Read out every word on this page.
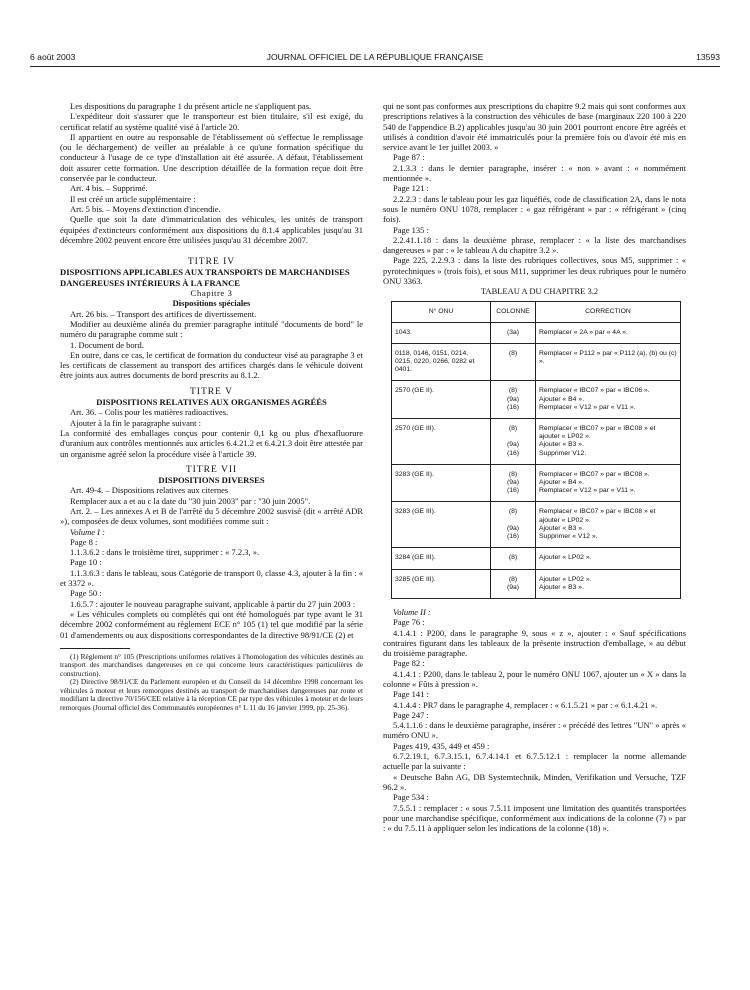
6 août 2003	JOURNAL OFFICIEL DE LA RÉPUBLIQUE FRANÇAISE	13593

Les dispositions du paragraphe 1 du présent article ne s'appliquent pas.

L'expéditeur doit s'assurer que le transporteur est bien titulaire, s'il est exigé, du certificat relatif au système qualité visé à l'article 20.

Il appartient en outre au responsable de l'établissement où s'effectue le remplissage (ou le déchargement) de veiller au préalable à ce qu'une formation spécifique du conducteur à l'usage de ce type d'installation ait été assurée. A défaut, l'établissement doit assurer cette formation. Une description détaillée de la formation reçue doit être conservée par le conducteur.

Art. 4 bis. – Supprimé.

Il est créé un article supplémentaire :

Art. 5 bis. – Moyens d'extinction d'incendie.

Quelle que soit la date d'immatriculation des véhicules, les unités de transport équipées d'extincteurs conformément aux dispositions du 8.1.4 applicables jusqu'au 31 décembre 2002 peuvent encore être utilisées jusqu'au 31 décembre 2007.

TITRE IV

DISPOSITIONS APPLICABLES AUX TRANSPORTS DE MARCHANDISES DANGEREUSES INTÉRIEURS À LA FRANCE

Chapitre 3

Dispositions spéciales

Art. 26 bis. – Transport des artifices de divertissement.

Modifier au deuxième alinéa du premier paragraphe intitulé "documents de bord" le numéro du paragraphe comme suit :

1. Document de bord.

En outre, dans ce cas, le certificat de formation du conducteur visé au paragraphe 3 et les certificats de classement au transport des artifices chargés dans le véhicule doivent être joints aux autres documents de bord prescrits au 8.1.2.

TITRE V

DISPOSITIONS RELATIVES AUX ORGANISMES AGRÉÉS

Art. 36. – Colis pour les matières radioactives.

Ajouter à la fin le paragraphe suivant :

La conformité des emballages conçus pour contenir 0,1 kg ou plus d'hexafluorure d'uranium aux contrôles mentionnés aux articles 6.4.21.2 et 6.4.21.3 doit être attestée par un organisme agréé selon la procédure visée à l'article 39.

TITRE VII

DISPOSITIONS DIVERSES

Art. 49-4. – Dispositions relatives aux citernes

Remplacer aux a et au c la date du "30 juin 2003" par : "30 juin 2005".

Art. 2. – Les annexes A et B de l'arrêté du 5 décembre 2002 susvisé (dit « arrêté ADR »), composées de deux volumes, sont modifiées comme suit :

Volume I :

Page 8 :

1.1.3.6.2 : dans le troisième tiret, supprimer : « 7.2.3, ».

Page 10 :

1.1.3.6.3 : dans le tableau, sous Catégorie de transport 0, classe 4.3, ajouter à la fin : « et 3372 ».

Page 50 :

1.6.5.7 : ajouter le nouveau paragraphe suivant, applicable à partir du 27 juin 2003 :

« Les véhicules complets ou complétés qui ont été homologués par type avant le 31 décembre 2002 conformément au règlement ECE n° 105 (1) tel que modifié par la série 01 d'amendements ou aux dispositions correspondantes de la directive 98/91/CE (2) et

(1) Règlement n° 105 (Prescriptions uniformes relatives à l'homologation des véhicules destinés au transport des marchandises dangereuses en ce qui concerne leurs caractéristiques particulières de construction).

(2) Directive 98/91/CE du Parlement européen et du Conseil du 14 décembre 1998 concernant les véhicules à moteur et leurs remorques destinés au transport de marchandises dangereuses par route et modifiant la directive 70/156/CEE relative à la réception CE par type des véhicules à moteur et de leurs remorques (Journal officiel des Communautés européennes n° L 11 du 16 janvier 1999, pp. 25-36).

qui ne sont pas conformes aux prescriptions du chapitre 9.2 mais qui sont conformes aux prescriptions relatives à la construction des véhicules de base (marginaux 220 100 à 220 540 de l'appendice B.2) applicables jusqu'au 30 juin 2001 pourront encore être agréés et utilisés à condition d'avoir été immatriculés pour la première fois ou d'avoir été mis en service avant le 1er juillet 2003. »

Page 87 :

2.1.3.3 : dans le dernier paragraphe, insérer : « non » avant : « nommément mentionnée ».

Page 121 :

2.2.2.3 : dans le tableau pour les gaz liquéfiés, code de classification 2A, dans le nota sous le numéro ONU 1078, remplacer : « gaz réfrigérant » par : « réfrigérant » (cinq fois).

Page 135 :

2.2.41.1.18 : dans la deuxième phrase, remplacer : « la liste des marchandises dangereuses » par : « le tableau A du chapitre 3.2 ».

Page 225, 2.2.9.3 : dans la liste des rubriques collectives, sous M5, supprimer : « pyrotechniques » (trois fois), et sous M11, supprimer les deux rubriques pour le numéro ONU 3363.

TABLEAU A DU CHAPITRE 3.2

N° ONU	COLONNE	CORRECTION

1043.	(3a)	Remplacer « 2A » par « 4A ».

0118, 0146, 0151, 0214, 0215, 0220, 0266, 0282 et 0401.	(8)	Remplacer « P112 » par « P112 (a), (b) ou (c) ».

2570 (GE II).	(8)
(9a)
(16)	Remplacer « IBC07 » par « IBC06 ».
Ajouter « B4 ».
Remplacer « V12 » par « V11 ».

2570 (GE III).	(8)

(9a)
(16)	Remplacer « IBC07 » par « IBC08 » et ajouter « LP02 ».
Ajouter « B3 ».
Supprimer V12.

3283 (GE II).	(8)
(9a)
(16)	Remplacer « IBC07 » par « IBC08 ».
Ajouter « B4 ».
Remplacer « V12 » par « V11 ».

3283 (GE III).	(8)

(9a)
(16)	Remplacer « IBC07 » par « IBC08 » et ajouter « LP02 ».
Ajouter « B3 ».
Supprimer « V12 ».

3284 (GE III).	(8)	Ajouter « LP02 ».

3285 (GE III).	(8)
(9a)	Ajouter « LP02 ».
Ajouter « B3 ».

Volume II :

Page 76 :

4.1.4.1 : P200, dans le paragraphe 9, sous « z », ajouter : « Sauf spécifications contraires figurant dans les tableaux de la présente instruction d'emballage, » au début du troisième paragraphe.

Page 82 :

4.1.4.1 : P200, dans le tableau 2, pour le numéro ONU 1067, ajouter un « X » dans la colonne « Fûts à pression ».

Page 141 :

4.1.4.4 : PR7 dans le paragraphe 4, remplacer : « 6.1.5.21 » par : « 6.1.4.21 ».

Page 247 :

5.4.1.1.6 : dans le deuxième paragraphe, insérer : « précédé des lettres "UN" » après « numéro ONU ».

Pages 419, 435, 449 et 459 :

6.7.2.19.1, 6.7.3.15.1, 6.7.4.14.1 et 6.7.5.12.1 : remplacer la norme allemande actuelle par la suivante :

« Deutsche Bahn AG, DB Systemtechnik, Minden, Verifikation und Versuche, TZF 96.2 ».

Page 534 :

7.5.5.1 : remplacer : « sous 7.5.11 imposent une limitation des quantités transportées pour une marchandise spécifique, conformément aux indications de la colonne (7) » par : « du 7.5.11 à appliquer selon les indications de la colonne (18) ».
